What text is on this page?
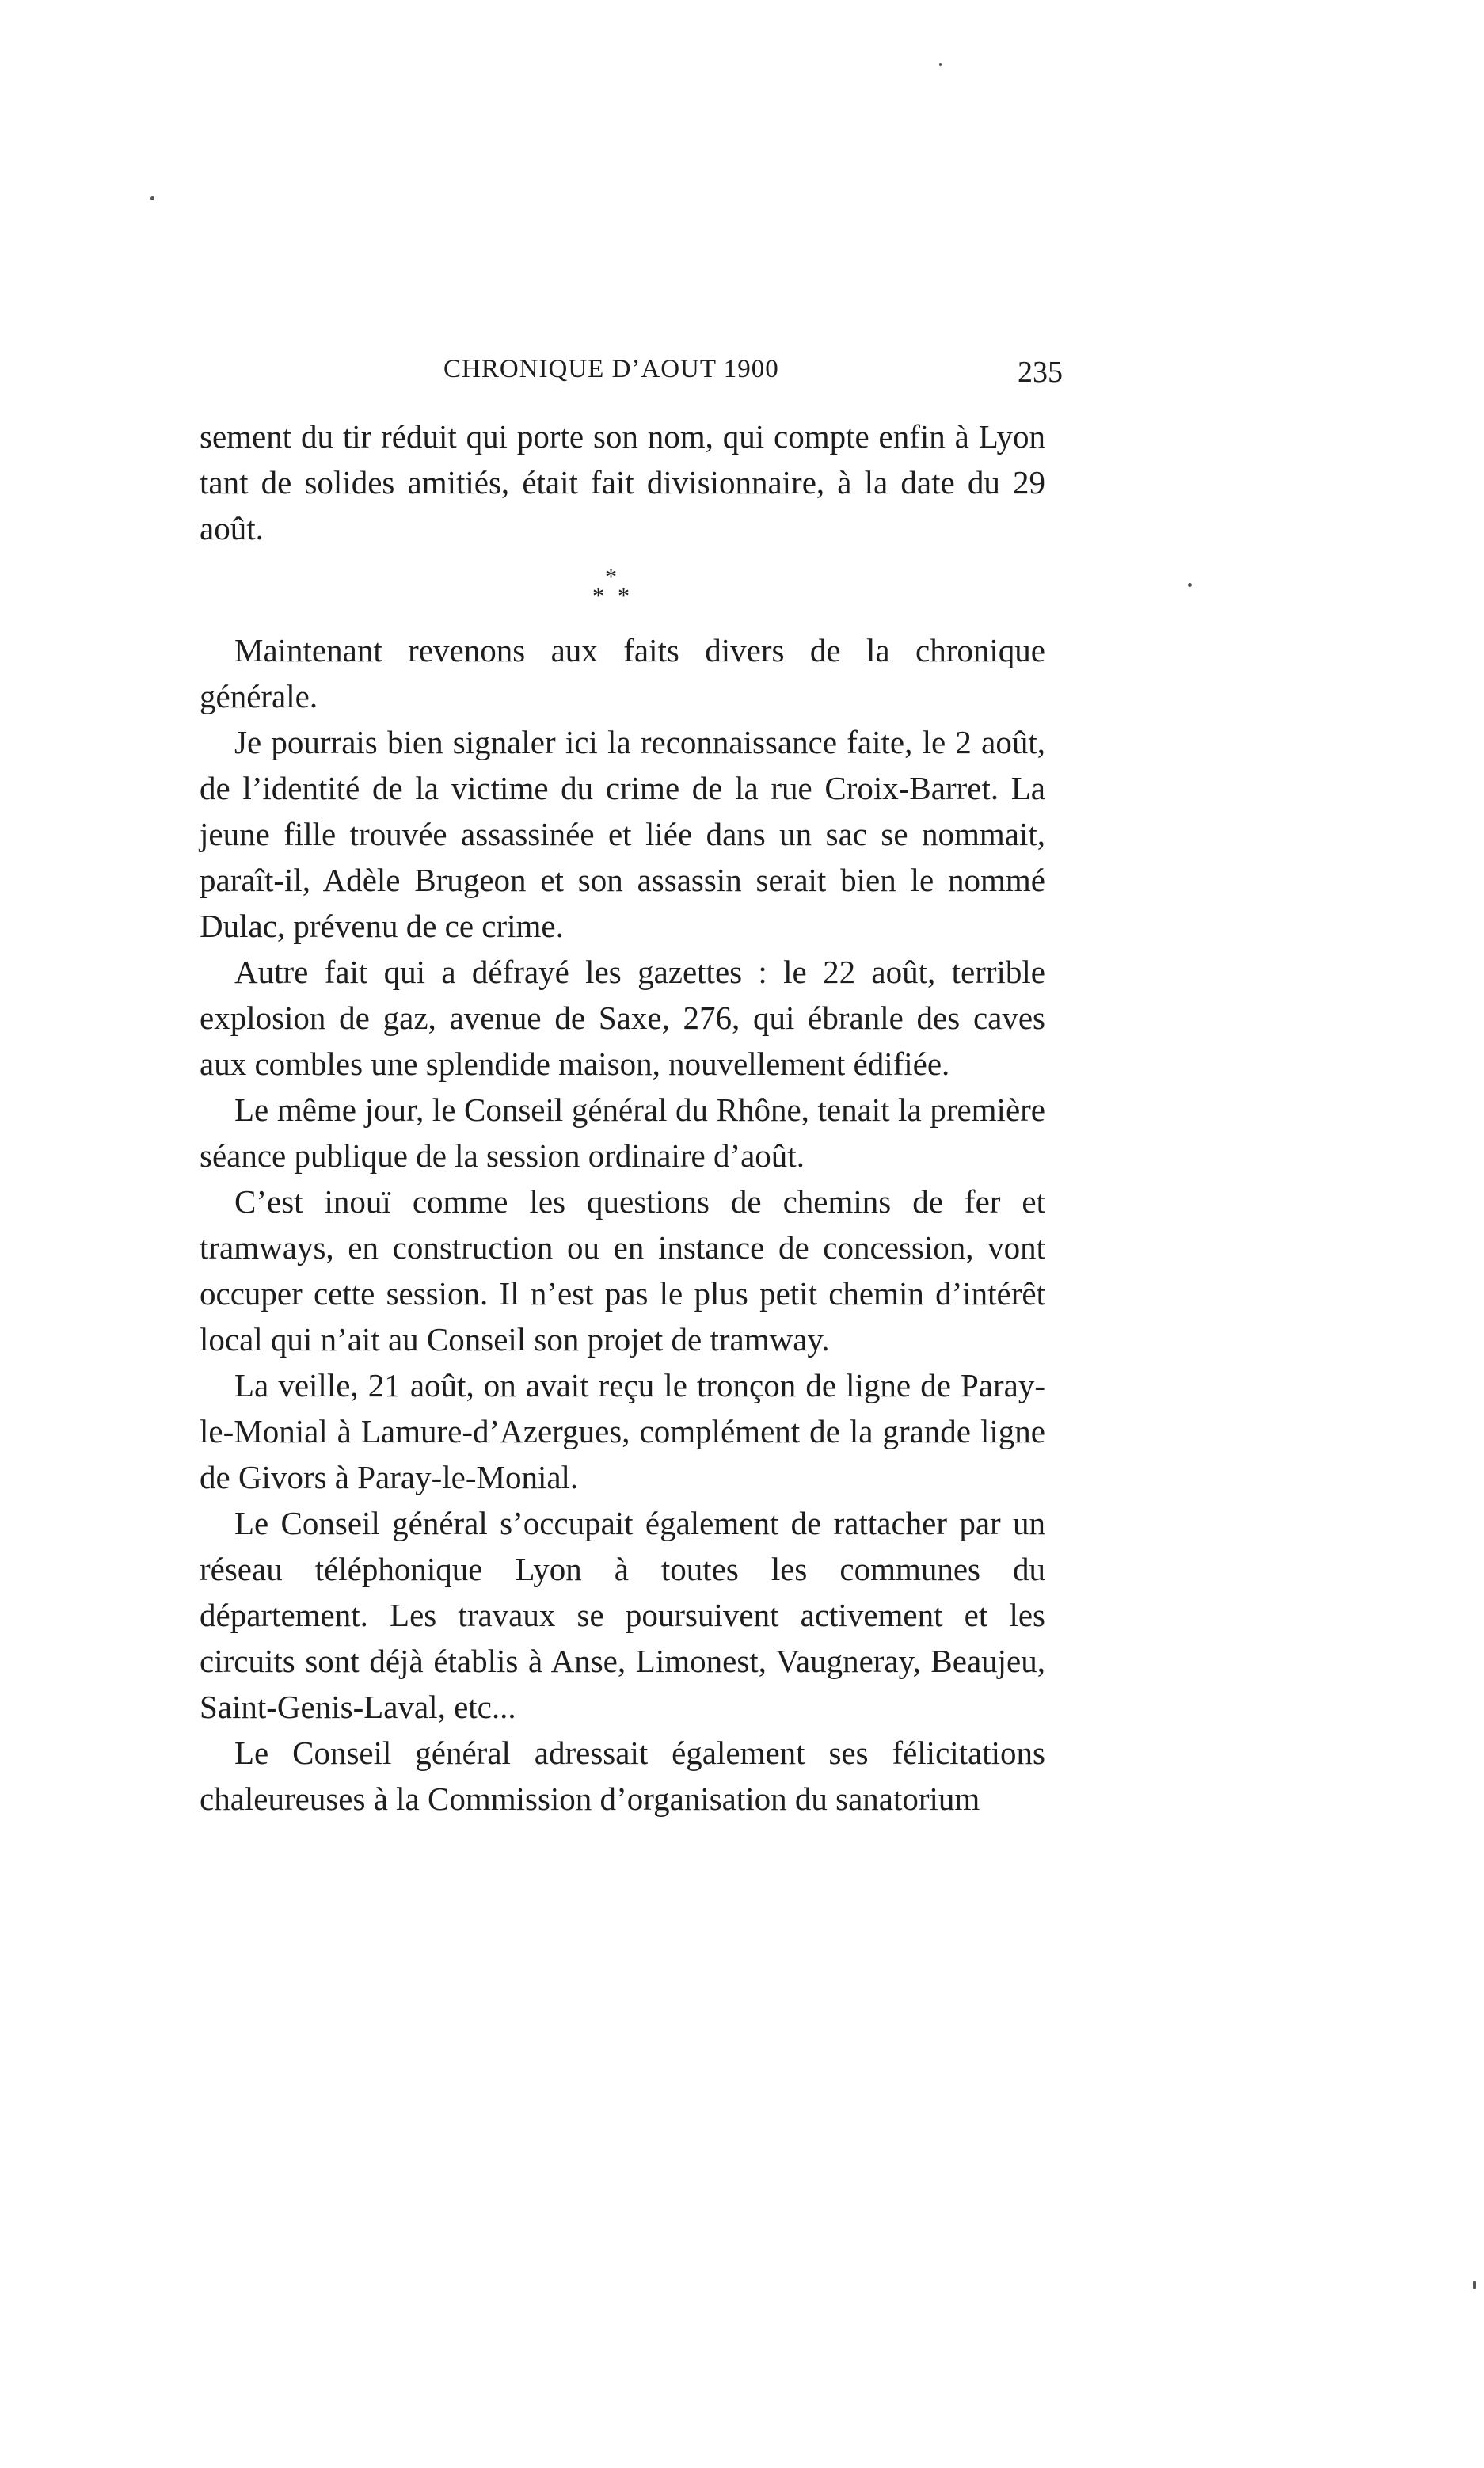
CHRONIQUE D’AOUT 1900	235

sement du tir réduit qui porte son nom, qui compte enfin à Lyon tant de solides amitiés, était fait divisionnaire, à la date du 29 août.

*
* *

Maintenant revenons aux faits divers de la chronique générale.

Je pourrais bien signaler ici la reconnaissance faite, le 2 août, de l’identité de la victime du crime de la rue Croix-Barret. La jeune fille trouvée assassinée et liée dans un sac se nommait, paraît-il, Adèle Brugeon et son assassin serait bien le nommé Dulac, prévenu de ce crime.

Autre fait qui a défrayé les gazettes : le 22 août, terrible explosion de gaz, avenue de Saxe, 276, qui ébranle des caves aux combles une splendide maison, nouvellement édifiée.

Le même jour, le Conseil général du Rhône, tenait la première séance publique de la session ordinaire d’août.

C’est inouï comme les questions de chemins de fer et tramways, en construction ou en instance de concession, vont occuper cette session. Il n’est pas le plus petit chemin d’intérêt local qui n’ait au Conseil son projet de tramway.

La veille, 21 août, on avait reçu le tronçon de ligne de Paray-le-Monial à Lamure-d’Azergues, complément de la grande ligne de Givors à Paray-le-Monial.

Le Conseil général s’occupait également de rattacher par un réseau téléphonique Lyon à toutes les communes du département. Les travaux se poursuivent activement et les circuits sont déjà établis à Anse, Limonest, Vaugneray, Beaujeu, Saint-Genis-Laval, etc...

Le Conseil général adressait également ses félicitations chaleureuses à la Commission d’organisation du sanatorium
